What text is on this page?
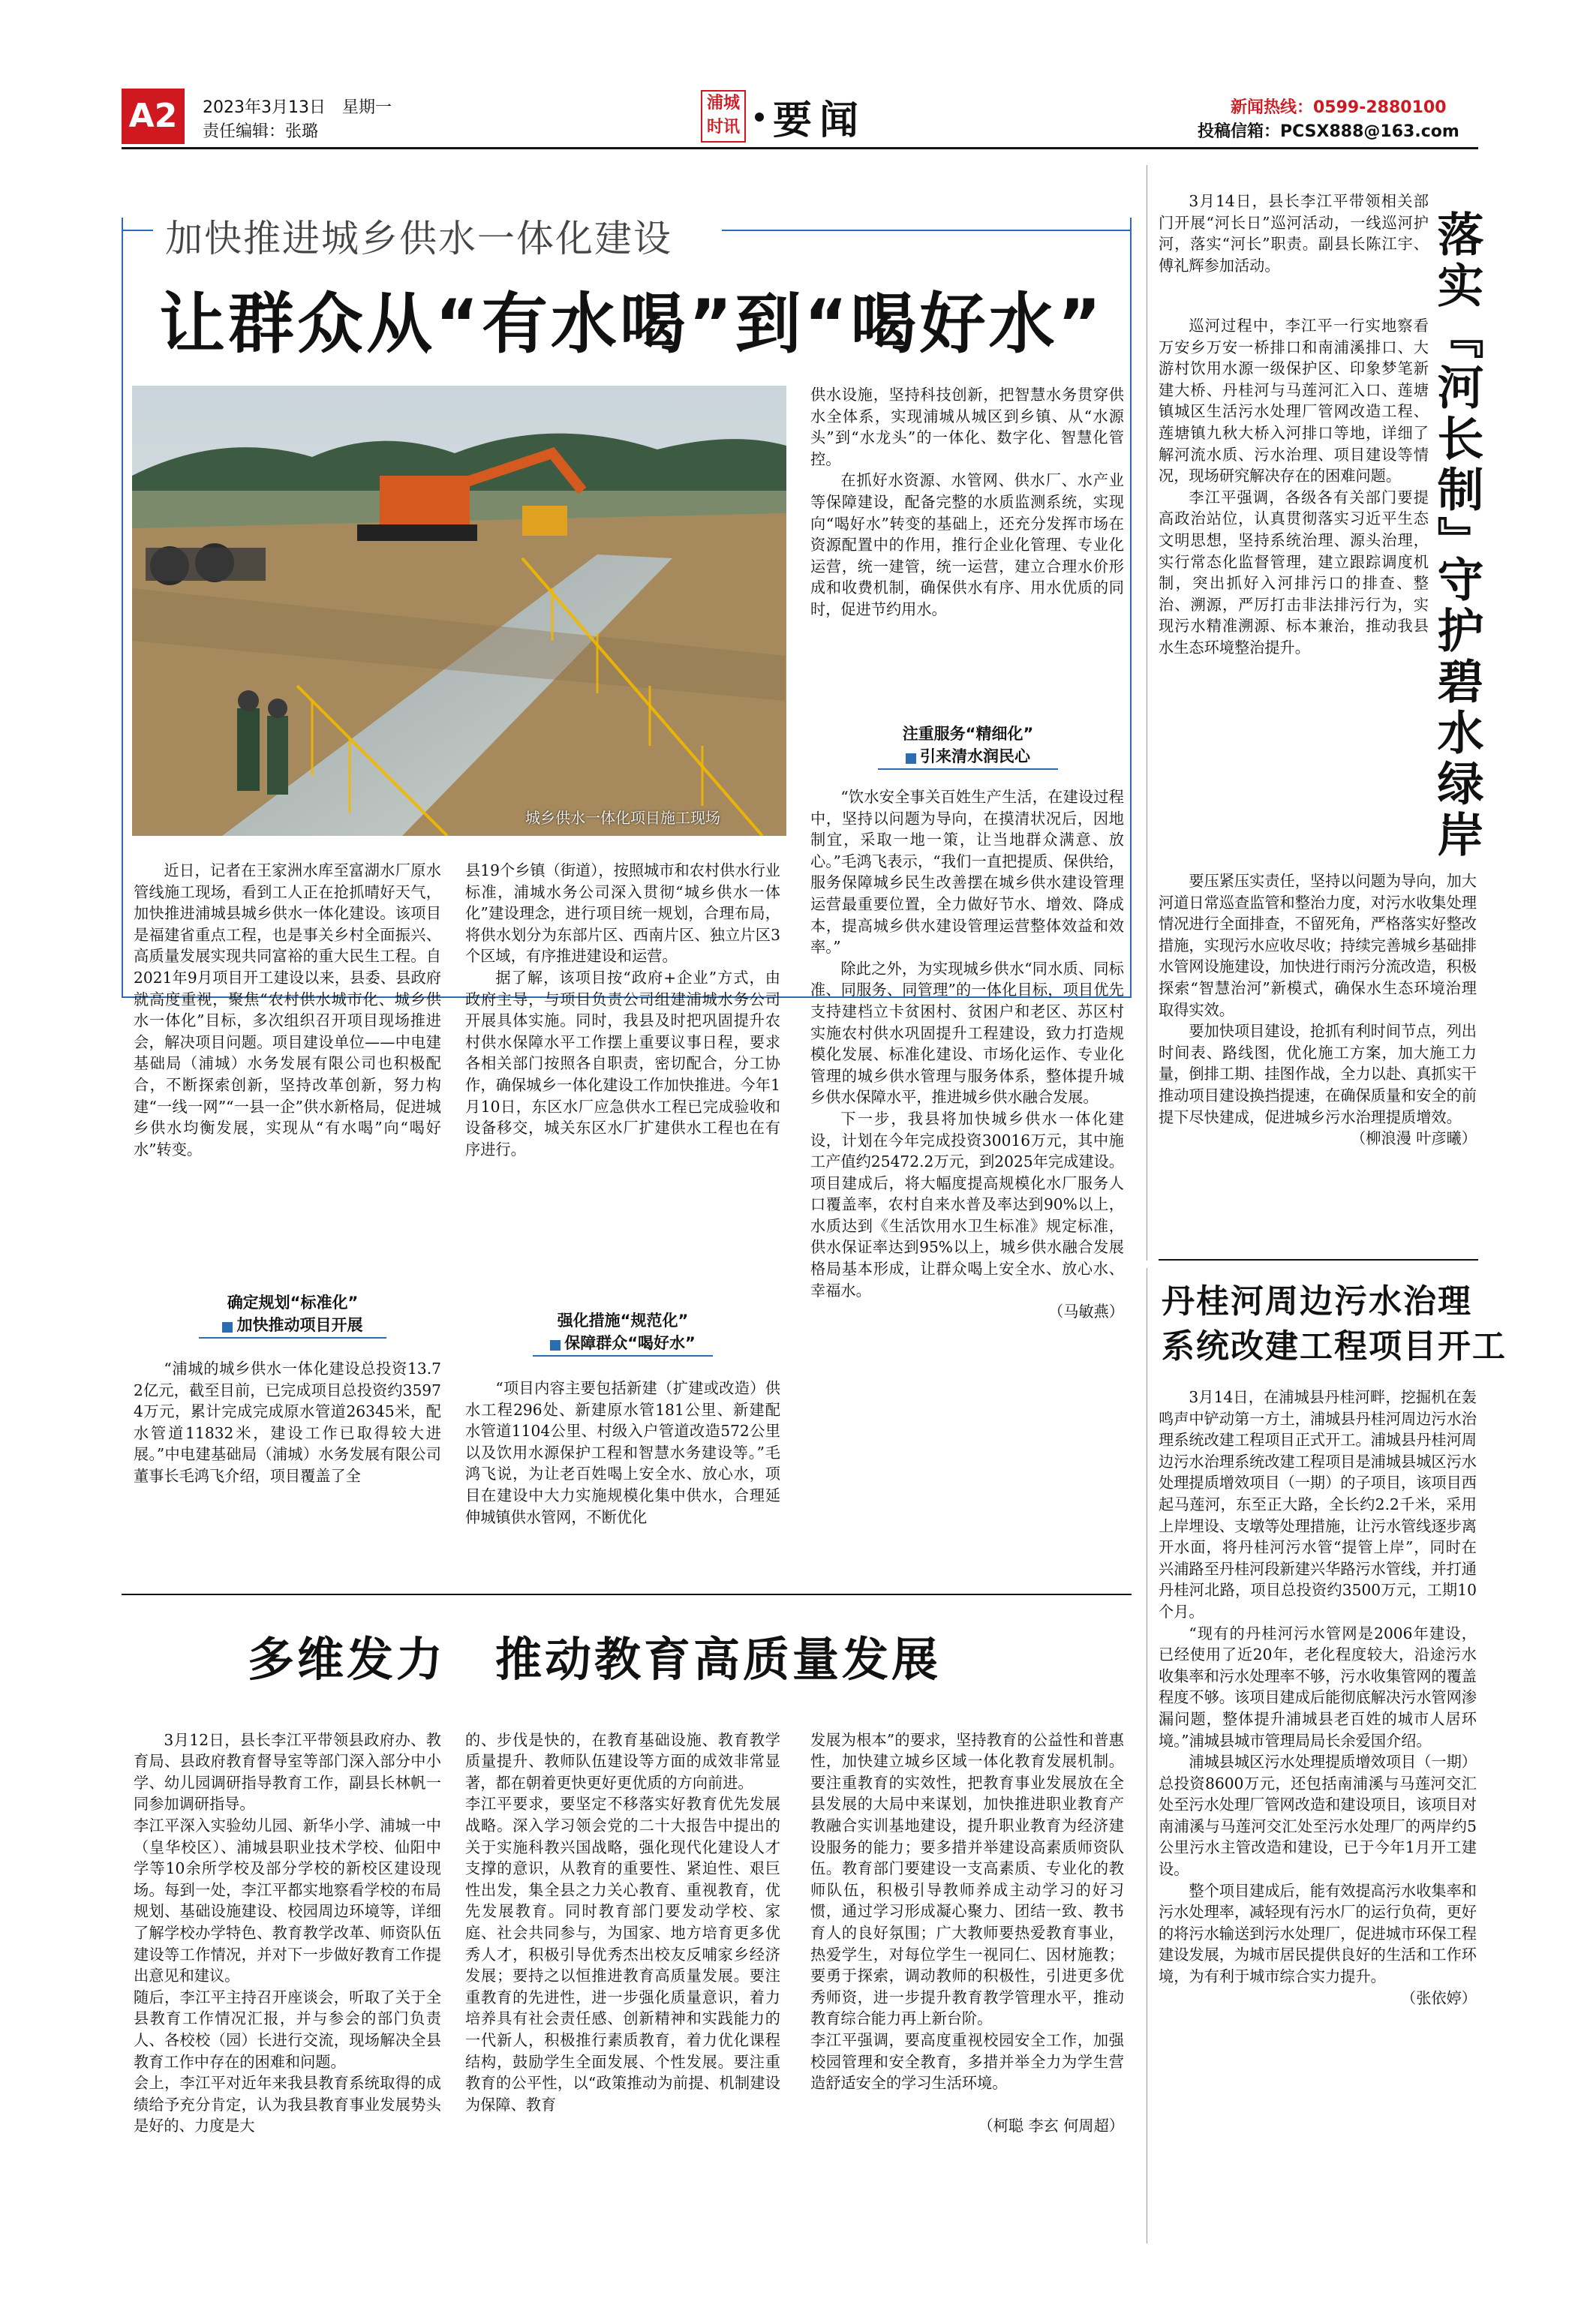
A2	2023年3月13日　星期一
责任编辑：张璐
浦城
时讯 要闻	新闻热线：0599-2880100
投稿信箱：PCSX888@163.com
加快推进城乡供水一体化建设
让群众从“有水喝”到“喝好水”
城乡供水一体化项目施工现场

近日，记者在王家洲水库至富湖水厂原水管线施工现场，看到工人正在抢抓晴好天气，加快推进浦城县城乡供水一体化建设。该项目是福建省重点工程，也是事关乡村全面振兴、高质量发展实现共同富裕的重大民生工程。自2021年9月项目开工建设以来，县委、县政府就高度重视，聚焦“农村供水城市化、城乡供水一体化”目标，多次组织召开项目现场推进会，解决项目问题。项目建设单位——中电建基础局（浦城）水务发展有限公司也积极配合，不断探索创新，坚持改革创新，努力构建“一线一网”“一县一企”供水新格局，促进城乡供水均衡发展，实现从“有水喝”向“喝好水”转变。

确定规划“标准化”
加快推动项目开展

“浦城的城乡供水一体化建设总投资13.72亿元，截至目前，已完成项目总投资约35974万元，累计完成完成原水管道26345米，配水管道11832米，建设工作已取得较大进展。”中电建基础局（浦城）水务发展有限公司董事长毛鸿飞介绍，项目覆盖了全

县19个乡镇（街道），按照城市和农村供水行业标准，浦城水务公司深入贯彻“城乡供水一体化”建设理念，进行项目统一规划，合理布局，将供水划分为东部片区、西南片区、独立片区3个区域，有序推进建设和运营。

据了解，该项目按“政府+企业”方式，由政府主导，与项目负责公司组建浦城水务公司开展具体实施。同时，我县及时把巩固提升农村供水保障水平工作摆上重要议事日程，要求各相关部门按照各自职责，密切配合，分工协作，确保城乡一体化建设工作加快推进。今年1月10日，东区水厂应急供水工程已完成验收和设备移交，城关东区水厂扩建供水工程也在有序进行。

强化措施“规范化”
保障群众“喝好水”

“项目内容主要包括新建（扩建或改造）供水工程296处、新建原水管181公里、新建配水管道1104公里、村级入户管道改造572公里以及饮用水源保护工程和智慧水务建设等。”毛鸿飞说，为让老百姓喝上安全水、放心水，项目在建设中大力实施规模化集中供水，合理延伸城镇供水管网，不断优化

供水设施，坚持科技创新，把智慧水务贯穿供水全体系，实现浦城从城区到乡镇、从“水源头”到“水龙头”的一体化、数字化、智慧化管控。

在抓好水资源、水管网、供水厂、水产业等保障建设，配备完整的水质监测系统，实现向“喝好水”转变的基础上，还充分发挥市场在资源配置中的作用，推行企业化管理、专业化运营，统一建管，统一运营，建立合理水价形成和收费机制，确保供水有序、用水优质的同时，促进节约用水。

注重服务“精细化”
引来清水润民心

“饮水安全事关百姓生产生活，在建设过程中，坚持以问题为导向，在摸清状况后，因地制宜，采取一地一策，让当地群众满意、放心。”毛鸿飞表示，“我们一直把提质、保供给，服务保障城乡民生改善摆在城乡供水建设管理运营最重要位置，全力做好节水、增效、降成本，提高城乡供水建设管理运营整体效益和效率。”

除此之外，为实现城乡供水“同水质、同标准、同服务、同管理”的一体化目标，项目优先支持建档立卡贫困村、贫困户和老区、苏区村实施农村供水巩固提升工程建设，致力打造规模化发展、标准化建设、市场化运作、专业化管理的城乡供水管理与服务体系，整体提升城乡供水保障水平，推进城乡供水融合发展。

下一步，我县将加快城乡供水一体化建设，计划在今年完成投资30016万元，其中施工产值约25472.2万元，到2025年完成建设。项目建成后，将大幅度提高规模化水厂服务人口覆盖率，农村自来水普及率达到90%以上，水质达到《生活饮用水卫生标准》规定标准，供水保证率达到95%以上，城乡供水融合发展格局基本形成，让群众喝上安全水、放心水、幸福水。

（马敏燕）

3月14日，县长李江平带领相关部门开展“河长日”巡河活动，一线巡河护河，落实“河长”职责。副县长陈江宇、傅礼辉参加活动。

巡河过程中，李江平一行实地察看万安乡万安一桥排口和南浦溪排口、大游村饮用水源一级保护区、印象梦笔新建大桥、丹桂河与马莲河汇入口、莲塘镇城区生活污水处理厂管网改造工程、莲塘镇九秋大桥入河排口等地，详细了解河流水质、污水治理、项目建设等情况，现场研究解决存在的困难问题。

李江平强调，各级各有关部门要提高政治站位，认真贯彻落实习近平生态文明思想，坚持系统治理、源头治理，实行常态化监督管理，建立跟踪调度机制，突出抓好入河排污口的排查、整治、溯源，严厉打击非法排污行为，实现污水精准溯源、标本兼治，推动我县水生态环境整治提升。

落实『河长制』
守护碧水绿岸

要压紧压实责任，坚持以问题为导向，加大河道日常巡查监管和整治力度，对污水收集处理情况进行全面排查，不留死角，严格落实好整改措施，实现污水应收尽收；持续完善城乡基础排水管网设施建设，加快进行雨污分流改造，积极探索“智慧治河”新模式，确保水生态环境治理取得实效。

要加快项目建设，抢抓有利时间节点，列出时间表、路线图，优化施工方案，加大施工力量，倒排工期、挂图作战，全力以赴、真抓实干推动项目建设换挡提速，在确保质量和安全的前提下尽快建成，促进城乡污水治理提质增效。

（柳浪漫 叶彦曦）

丹桂河周边污水治理
系统改建工程项目开工

3月14日，在浦城县丹桂河畔，挖掘机在轰鸣声中铲动第一方土，浦城县丹桂河周边污水治理系统改建工程项目正式开工。浦城县丹桂河周边污水治理系统改建工程项目是浦城县城区污水处理提质增效项目（一期）的子项目，该项目西起马莲河，东至正大路，全长约2.2千米，采用上岸埋设、支墩等处理措施，让污水管线逐步离开水面，将丹桂河污水管“提管上岸”，同时在兴浦路至丹桂河段新建兴华路污水管线，并打通丹桂河北路，项目总投资约3500万元，工期10个月。

“现有的丹桂河污水管网是2006年建设，已经使用了近20年，老化程度较大，沿途污水收集率和污水处理率不够，污水收集管网的覆盖程度不够。该项目建成后能彻底解决污水管网渗漏问题，整体提升浦城县老百姓的城市人居环境。”浦城县城市管理局局长余爱国介绍。

浦城县城区污水处理提质增效项目（一期）总投资8600万元，还包括南浦溪与马莲河交汇处至污水处理厂管网改造和建设项目，该项目对南浦溪与马莲河交汇处至污水处理厂的两岸约5公里污水主管改造和建设，已于今年1月开工建设。

整个项目建成后，能有效提高污水收集率和污水处理率，减轻现有污水厂的运行负荷，更好的将污水输送到污水处理厂，促进城市环保工程建设发展，为城市居民提供良好的生活和工作环境，为有利于城市综合实力提升。

（张依婷）

多维发力　推动教育高质量发展

3月12日，县长李江平带领县政府办、教育局、县政府教育督导室等部门深入部分中小学、幼儿园调研指导教育工作，副县长林帆一同参加调研指导。
李江平深入实验幼儿园、新华小学、浦城一中（皇华校区）、浦城县职业技术学校、仙阳中学等10余所学校及部分学校的新校区建设现场。每到一处，李江平都实地察看学校的布局规划、基础设施建设、校园周边环境等，详细了解学校办学特色、教育教学改革、师资队伍建设等工作情况，并对下一步做好教育工作提出意见和建议。
随后，李江平主持召开座谈会，听取了关于全县教育工作情况汇报，并与参会的部门负责人、各校校（园）长进行交流，现场解决全县教育工作中存在的困难和问题。
会上，李江平对近年来我县教育系统取得的成绩给予充分肯定，认为我县教育事业发展势头是好的、力度是大

的、步伐是快的，在教育基础设施、教育教学质量提升、教师队伍建设等方面的成效非常显著，都在朝着更快更好更优质的方向前进。
李江平要求，要坚定不移落实好教育优先发展战略。深入学习领会党的二十大报告中提出的关于实施科教兴国战略，强化现代化建设人才支撑的意识，从教育的重要性、紧迫性、艰巨性出发，集全县之力关心教育、重视教育，优先发展教育。同时教育部门要发动学校、家庭、社会共同参与，为国家、地方培育更多优秀人才，积极引导优秀杰出校友反哺家乡经济发展；要持之以恒推进教育高质量发展。要注重教育的先进性，进一步强化质量意识，着力培养具有社会责任感、创新精神和实践能力的一代新人，积极推行素质教育，着力优化课程结构，鼓励学生全面发展、个性发展。要注重教育的公平性，以“政策推动为前提、机制建设为保障、教育

发展为根本”的要求，坚持教育的公益性和普惠性，加快建立城乡区域一体化教育发展机制。要注重教育的实效性，把教育事业发展放在全县发展的大局中来谋划，加快推进职业教育产教融合实训基地建设，提升职业教育为经济建设服务的能力；要多措并举建设高素质师资队伍。教育部门要建设一支高素质、专业化的教师队伍，积极引导教师养成主动学习的好习惯，通过学习形成凝心聚力、团结一致、教书育人的良好氛围；广大教师要热爱教育事业，热爱学生，对每位学生一视同仁、因材施教；要勇于探索，调动教师的积极性，引进更多优秀师资，进一步提升教育教学管理水平，推动教育综合能力再上新台阶。
李江平强调，要高度重视校园安全工作，加强校园管理和安全教育，多措并举全力为学生营造舒适安全的学习生活环境。

（柯聪 李玄 何周超）
